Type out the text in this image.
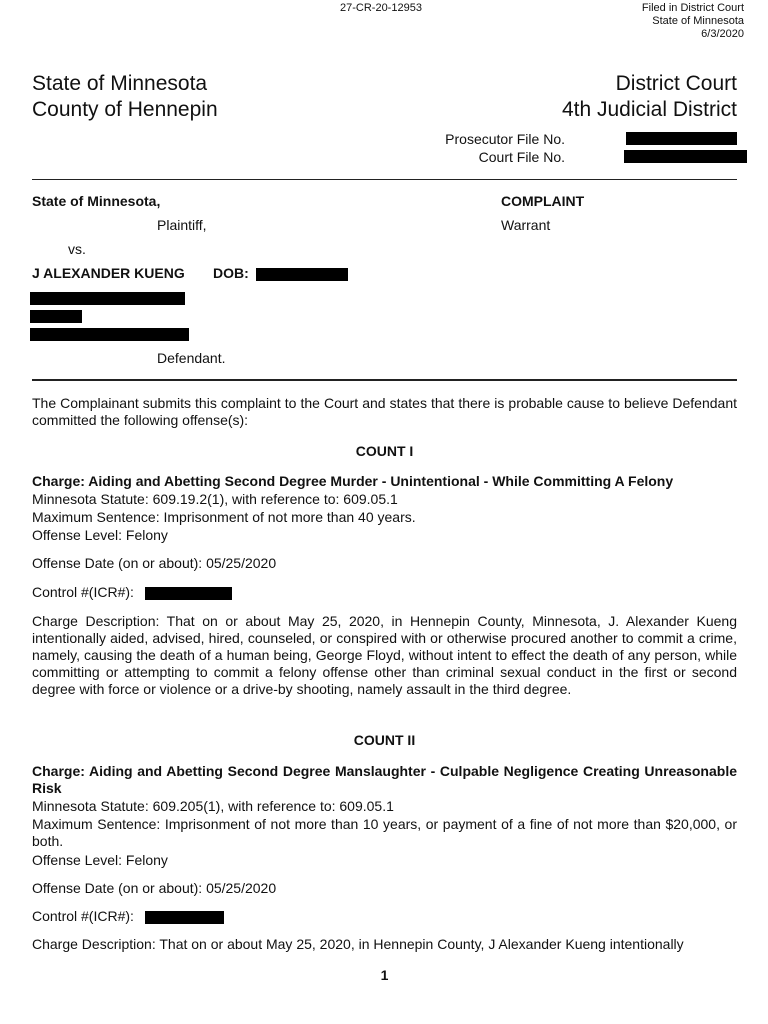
27-CR-20-12953	Filed in District Court
State of Minnesota
6/3/2020
State of Minnesota
County of Hennepin
District Court
4th Judicial District
Prosecutor File No.
Court File No.
State of Minnesota,
Plaintiff,
vs.
J ALEXANDER KUENG DOB:
Defendant.
COMPLAINT
Warrant
The Complainant submits this complaint to the Court and states that there is probable cause to believe Defendant committed the following offense(s):
COUNT I
Charge: Aiding and Abetting Second Degree Murder - Unintentional - While Committing A Felony
Minnesota Statute: 609.19.2(1), with reference to: 609.05.1
Maximum Sentence: Imprisonment of not more than 40 years.
Offense Level: Felony
Offense Date (on or about): 05/25/2020
Control #(ICR#):
Charge Description: That on or about May 25, 2020, in Hennepin County, Minnesota, J. Alexander Kueng intentionally aided, advised, hired, counseled, or conspired with or otherwise procured another to commit a crime, namely, causing the death of a human being, George Floyd, without intent to effect the death of any person, while committing or attempting to commit a felony offense other than criminal sexual conduct in the first or second degree with force or violence or a drive-by shooting, namely assault in the third degree.
COUNT II
Charge: Aiding and Abetting Second Degree Manslaughter - Culpable Negligence Creating Unreasonable Risk
Minnesota Statute: 609.205(1), with reference to: 609.05.1
Maximum Sentence: Imprisonment of not more than 10 years, or payment of a fine of not more than $20,000, or both.
Offense Level: Felony
Offense Date (on or about): 05/25/2020
Control #(ICR#):
Charge Description: That on or about May 25, 2020, in Hennepin County, J Alexander Kueng intentionally
1
